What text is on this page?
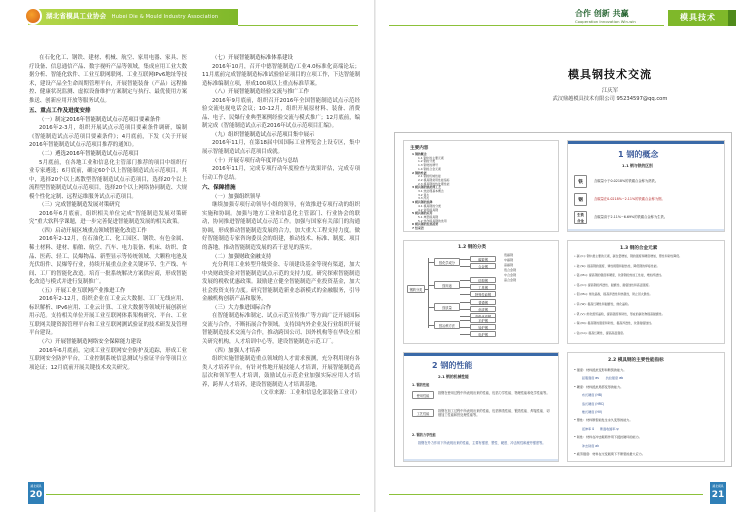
湖北省模具工业协会 Hubei Die & Mould Industry Association

在石化化工、钢铁、建材、机械、航空、家用电器、家具、医疗设备、信息通信产品、数字视听产品等领域，集成应用工业大数据分析、智能化软件、工业互联网联网、工业互联网IPv6地址等技术，建设产品全生命周期管理平台，开展智能装备（产品）远程操控、健康状况监测、虚拟设备维护方案制定与执行、最优使用方案推送、创新应用开放等服务试点。

五、重点工作及进度安排
（一）制定2016年智能制造试点示范项目要素条件

2016年2-3月，组织开展试点示范项目要素条件调研，编制《智能制造试点示范项目要素条件》；4月底前，下发《关于开展2016年智能制造试点示范项目推荐的通知》。

（二）遴选2016年智能制造试点示范项目

5月底前，在各地工业和信息化主管部门推荐的项目中组织行业专家遴选；6月底前，确定60个以上智能制造试点示范项目。其中，选择20个以上离散型智能制造试点示范项目，选择20个以上流程型智能制造试点示范项目，选择20个以上网络协同制造、大规模个性化定制、远程运维服务试点示范项目。

（三）完成智能制造发展对策研究

2016年6月底前，组织相关单位完成“智能制造发展对策研究”重大软科学课题，进一步完善促进智能制造发展的相关政策。

（四）启动开展区域重点领域智能化改造工作

2016年2-12月，在石油化工、化工园区、钢铁、有色金属、稀土材料、建材、船舶、航空、汽车、电力装备、机床、纺织、食品、医药、轻工、民爆物品、新型显示等传统领域、大颗粒电池及光伏组件、民爆等行业，持续开展重点企业关键环节、生产线、车间、工厂的智能化改造。培育一批系统解决方案供应商，形成智能化改造与模式并进行复制推广。

（五）开展工业互联网产业推进工作

2016年2-12月，组织企业在工业云大数据、工厂无线应用、标识解析、IPv6应用、工业云计算、工业大数据等领域开展创新应用示范。支持相关单位开展工业互联网体系架构研究、平台、工业互联网关键资源管理平台和工业互联网测试验证的技术研发及管理平台建设。

（六）开展智能制造网络安全保障能力建设

2016年6月底前，完成工业互联网安全防护及追踪，形成工业互联网安全防护平台，工业控制系统信息测试与验证平台等项目立项论证；12月底前开展关键技术攻关研究。

（七）开展智能制造标准体系建设

2016年10月，召开中德智能制造/工业4.0标准化高端论坛；11月底前完成智能制造标准试验验证项目的立项工作，下达智能制造标准编制立项，形成100项以上重点标准草案。

（八）开展智能制造经验交流与推广工作

2016年9月底前，组织召开2016年全国智能制造试点示范经验交流电视电话会议；10-12月，组织开展原材料、装备、消费品、电子、民爆行业典型案例经验交流与模式推广；12月底前，编制完成《智能制造试点示范2016年试点示范项目汇编》。

（九）组织智能制造试点示范项目集中展示

2016年11月，在第18届中国国际工业博览会上设专区，集中展示智能制造试点示范项目成就。

（十）开展专项行动年度评估与总结

2016年11月，完成专项行动年度检查与效果评估，完成专项行动工作总结。

六、保障措施
（一）加强组织领导

继续加强专项行动领导小组的领导，有效推进专项行动的组织实施和协调。加强与地方工业和信息化主管部门、行业协会的联动，协同推进智能制造试点示范工作。加强与国家有关部门的沟通协调，形成推动智能制造发展的合力，加大重大工程支持力度。做好智能制造专家咨询委员会的组建，推动技术、标准、制度、项目的落地，推动智能制造发展的若干意见的落实。

（二）加强财政金融支持

充分利用工业转型升级资金、专项建设基金等现有渠道，加大中央财政资金对智能制造试点示范的支持力度。研究探索智能制造发展的税收优惠政策。鼓励建立健全智能制造产业投资基金，加大社会投资支持力度。研究智能制造新业态新模式的金融服务，引导金融机构创新产品和服务。

（三）大力推进国际合作

在智能制造标准制定、试点示范宣传推广等方面广泛开展国际交流与合作，不断拓展合作领域。支持国内外企业及行业组织开展智能制造技术交流与合作，推动跨国公司、国外机构等在华设立相关研究机构，人才培训中心等，建设智能制造示范工厂。

（四）加强人才培养

组织实施智能制造重点领域的人才需求预测，充分利用现有各类人才培养平台，有针对性地开展技能人才培训，开展智能制造高层次和领军型人才培训，鼓励试点示范企业加强实际应用人才培养，跨界人才培养，建设智能制造人才培训基地。

（文章来源：工业和信息化部装备工业司）

湖北模具
20
合作 创新 共赢
Cooperation Innovation Win-win	模具技术
模具钢技术交流
江庆军
武汉鼎越模具技术有限公司 95234597@qq.com
主要内容
1 钢的概念
1.1 钢中的主要元素
1.2 钢的分类
1.3 钢材的牌号
1.4 钢的合金元素
2 钢的性能
2.1 钢的机械性能
2.2 模具钢常用性能指标
2.3 模具钢的热处理性能
3 模具钢的热处理工艺
3.1 热处理基本概念
3.2 退火
3.3 淬火
4 模具钢的选择
4.1 模具钢的分类
4.2 常用模具钢
5 模具钢的应用
5.1 典型模具钢
5.2 热作模具钢的选用
6 模具钢的发展趋势
7 结束语
1 钢的概念
1.1 钢与铁的区别
铁
钢
生铁
合金
含碳量小于0.0218%的铁碳合金称为熟铁。
含碳量在0.0218%~2.11%的铁碳合金称为钢。
含碳量高于2.11%~6.69%的铁碳合金称为生铁。
1.2 钢的分类
钢的分类
按化学成分
按用途
按质量
按冶炼方法
碳素钢
合金钢
结构钢
工具钢
特殊性能钢
普通钢
优质钢
平炉钢
转炉钢
电炉钢
低碳钢
中碳钢
高碳钢
低合金钢
中合金钢
高合金钢
1.3 钢的合金元素
• 碳 (C): 钢中最主要的元素，碳含量增加，钢的强度和硬度增加，塑性和韧性降低。
• 硅 (Si): 提高钢的强度、弹性极限和耐热性，降低钢的焊接性能。
• 锰 (Mn): 提高钢的强度和硬度，改善钢的热加工性能，增加淬透性。
• 铬 (Cr): 提高钢的淬透性、耐磨性、耐腐蚀性和高温强度。
• 钼 (Mo): 细化晶粒，提高淬透性和热强性，防止回火脆性。
• 钨 (W): 提高红硬性和耐磨性，细化晶粒。
• 钒 (V): 细化组织晶粒，提高强度和韧性，形成的碳化物提高耐磨性。
• 镍 (Ni): 提高钢的强度和韧性，提高淬透性，改善耐腐蚀性。
• 钴 (Co): 提高红硬性，提高高温强度。
2 钢的性能
2.1 钢的机械性能
1. 钢的性能
使用性能
指钢在使用过程中所表现出来的性能，包括力学性能、物理性能和化学性能等。
工艺性能
指钢在加工过程中所表现出来的性能，包括铸造性能、锻造性能、焊接性能、切削加工性能和热处理性能等。
2. 钢的力学性能
指钢在外力作用下所表现出来的性能，主要有强度、塑性、硬度、冲击韧性和疲劳强度等。
2.2 模具钢的主要性能指标
• 强度：材料抵抗变形和断裂的能力。
屈服强度 σs       抗拉强度 σb
• 硬度：材料抵抗局部变形的能力。
布氏硬度 (HB)
洛氏硬度 (HRC)
维氏硬度 (HV)
• 塑性：材料断裂前发生永久变形的能力。
延伸率 δ      断面收缩率 ψ
• 韧性：材料在冲击载荷作用下抵抗破坏的能力。
冲击韧度 ak
• 疲劳强度：材料在交变载荷下不断裂的最大应力。
湖北模具
21
